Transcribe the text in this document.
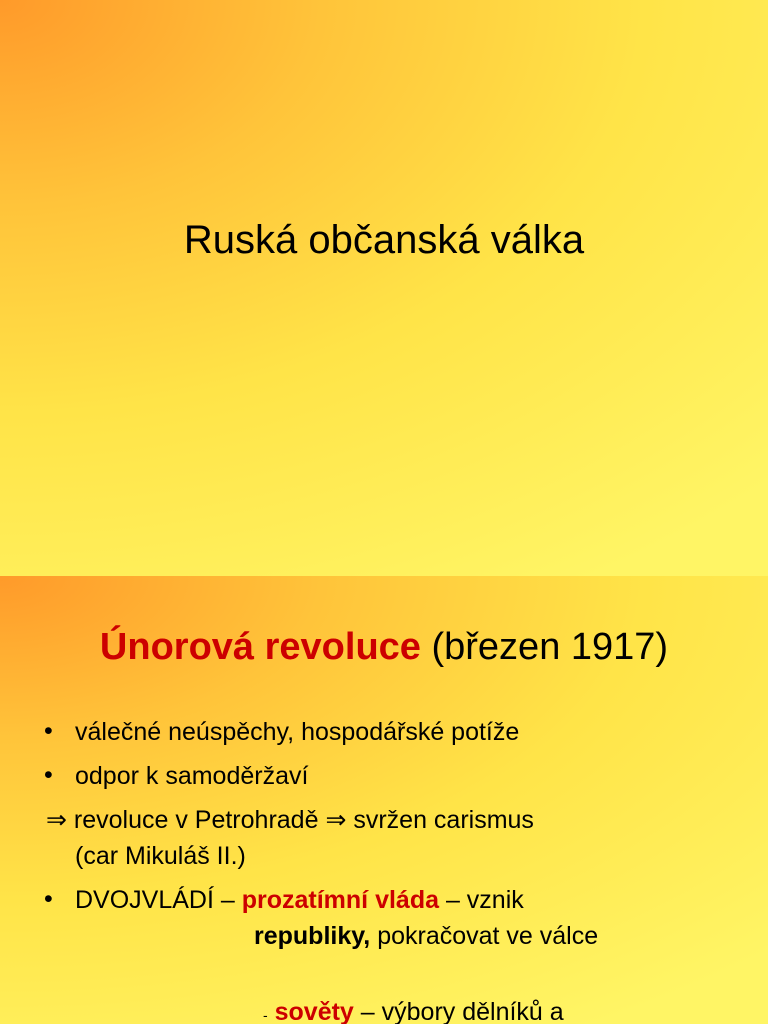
Ruská občanská válka
Únorová revoluce (březen 1917)
• válečné neúspěchy, hospodářské potíže
• odpor k samoděržaví
⇒ revoluce v Petrohradě ⇒ svržen carismus
(car Mikuláš II.)
• DVOJVLÁDÍ – prozatímní vláda – vznik
republiky, pokračovat ve válce
- sověty – výbory dělníků a
